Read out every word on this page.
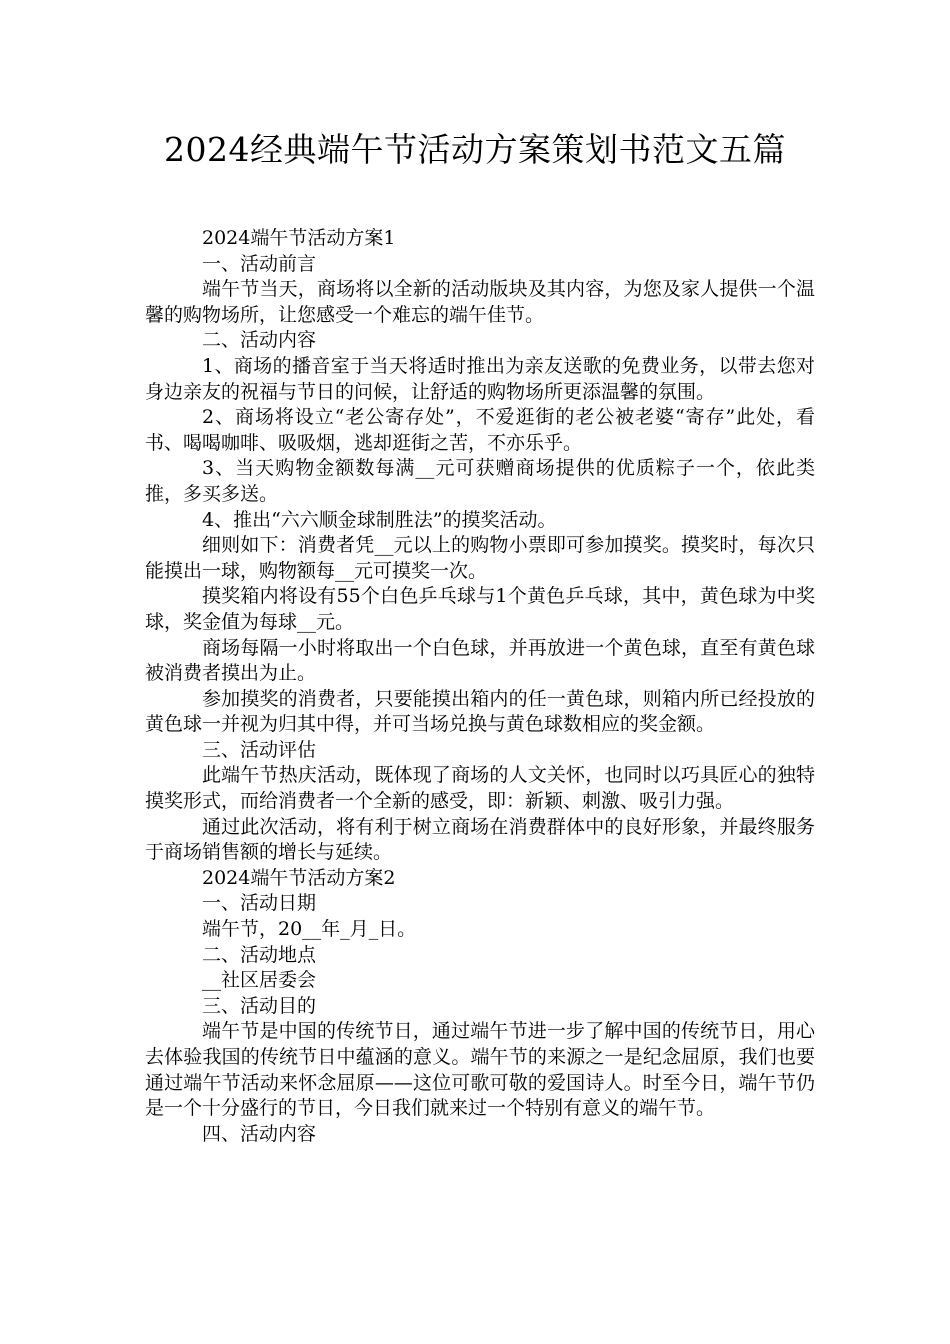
2024经典端午节活动方案策划书范文五篇

2024端午节活动方案1

一、活动前言

端午节当天，商场将以全新的活动版块及其内容，为您及家人提供一个温馨的购物场所，让您感受一个难忘的端午佳节。

二、活动内容

1、商场的播音室于当天将适时推出为亲友送歌的免费业务，以带去您对身边亲友的祝福与节日的问候，让舒适的购物场所更添温馨的氛围。

2、商场将设立“老公寄存处”，不爱逛街的老公被老婆“寄存”此处，看书、喝喝咖啡、吸吸烟，逃却逛街之苦，不亦乐乎。

3、当天购物金额数每满__元可获赠商场提供的优质粽子一个，依此类推，多买多送。

4、推出“六六顺金球制胜法”的摸奖活动。

细则如下：消费者凭__元以上的购物小票即可参加摸奖。摸奖时，每次只能摸出一球，购物额每__元可摸奖一次。

摸奖箱内将设有55个白色乒乓球与1个黄色乒乓球，其中，黄色球为中奖球，奖金值为每球__元。

商场每隔一小时将取出一个白色球，并再放进一个黄色球，直至有黄色球被消费者摸出为止。

参加摸奖的消费者，只要能摸出箱内的任一黄色球，则箱内所已经投放的黄色球一并视为归其中得，并可当场兑换与黄色球数相应的奖金额。

三、活动评估

此端午节热庆活动，既体现了商场的人文关怀，也同时以巧具匠心的独特摸奖形式，而给消费者一个全新的感受，即：新颖、刺激、吸引力强。

通过此次活动，将有利于树立商场在消费群体中的良好形象，并最终服务于商场销售额的增长与延续。

2024端午节活动方案2

一、活动日期

端午节，20__年_月_日。

二、活动地点

__社区居委会

三、活动目的

端午节是中国的传统节日，通过端午节进一步了解中国的传统节日，用心去体验我国的传统节日中蕴涵的意义。端午节的来源之一是纪念屈原，我们也要通过端午节活动来怀念屈原——这位可歌可敬的爱国诗人。时至今日，端午节仍是一个十分盛行的节日，今日我们就来过一个特别有意义的端午节。

四、活动内容
